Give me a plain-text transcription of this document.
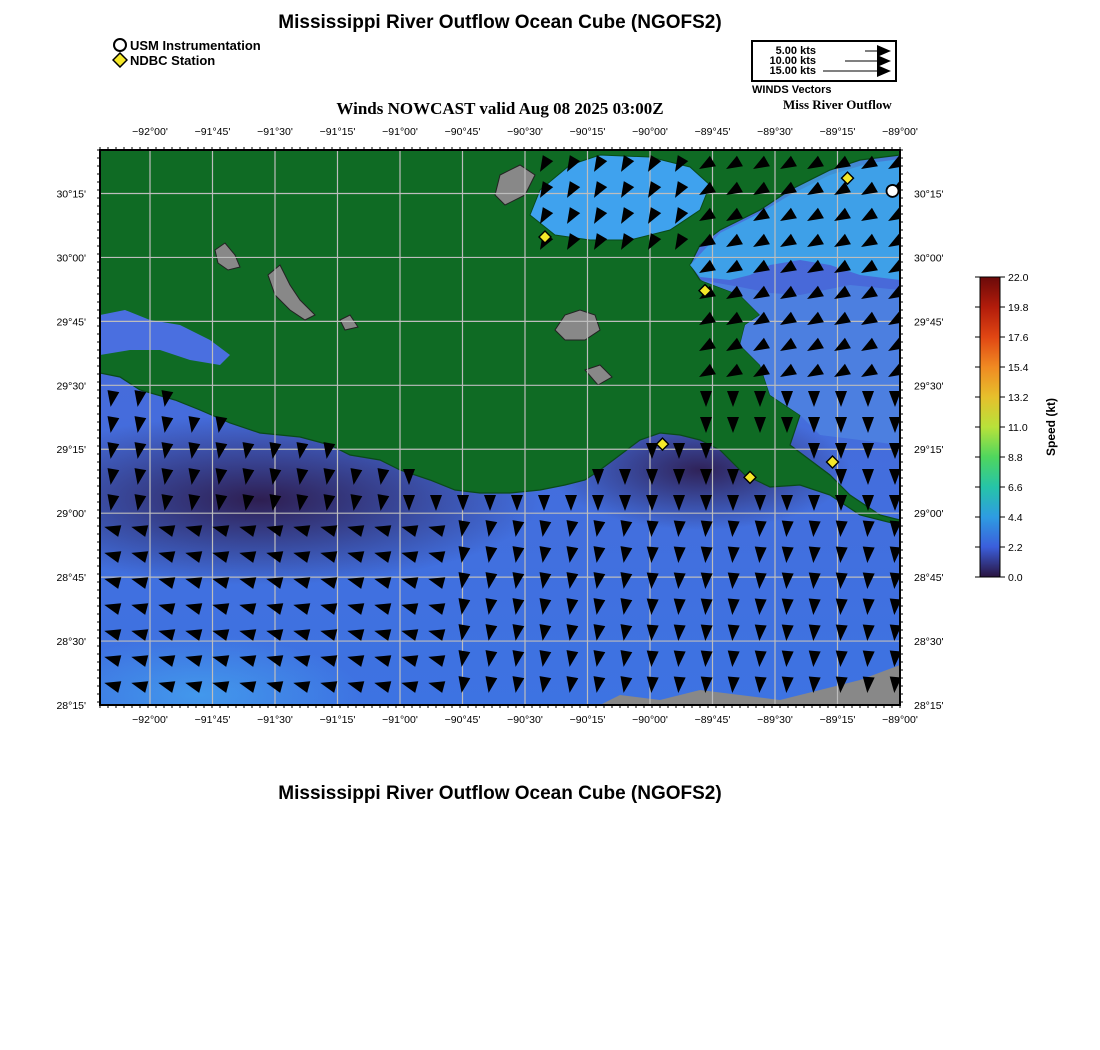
Mississippi River Outflow Ocean Cube (NGOFS2)
USM Instrumentation
NDBC Station
5.00 kts
10.00 kts
15.00 kts
WINDS Vectors
Winds NOWCAST valid Aug 08 2025 03:00Z	Miss River Outflow
−92°00'	−91°45'	−91°30'	−91°15'	−91°00'	−90°45'	−90°30'	−90°15'	−90°00'	−89°45'	−89°30'	−89°15'	−89°00'
−92°00'	−91°45'	−91°30'	−91°15'	−91°00'	−90°45'	−90°30'	−90°15'	−90°00'	−89°45'	−89°30'	−89°15'	−89°00'
30°15'
30°00'
29°45'
29°30'
29°15'
29°00'
28°45'
28°30'
28°15'
30°15'
30°00'
29°45'
29°30'
29°15'
29°00'
28°45'
28°30'
28°15'
22.0
19.8
17.6
15.4
13.2
11.0
8.8
6.6
4.4
2.2
0.0
Speed (kt)
Mississippi River Outflow Ocean Cube (NGOFS2)
